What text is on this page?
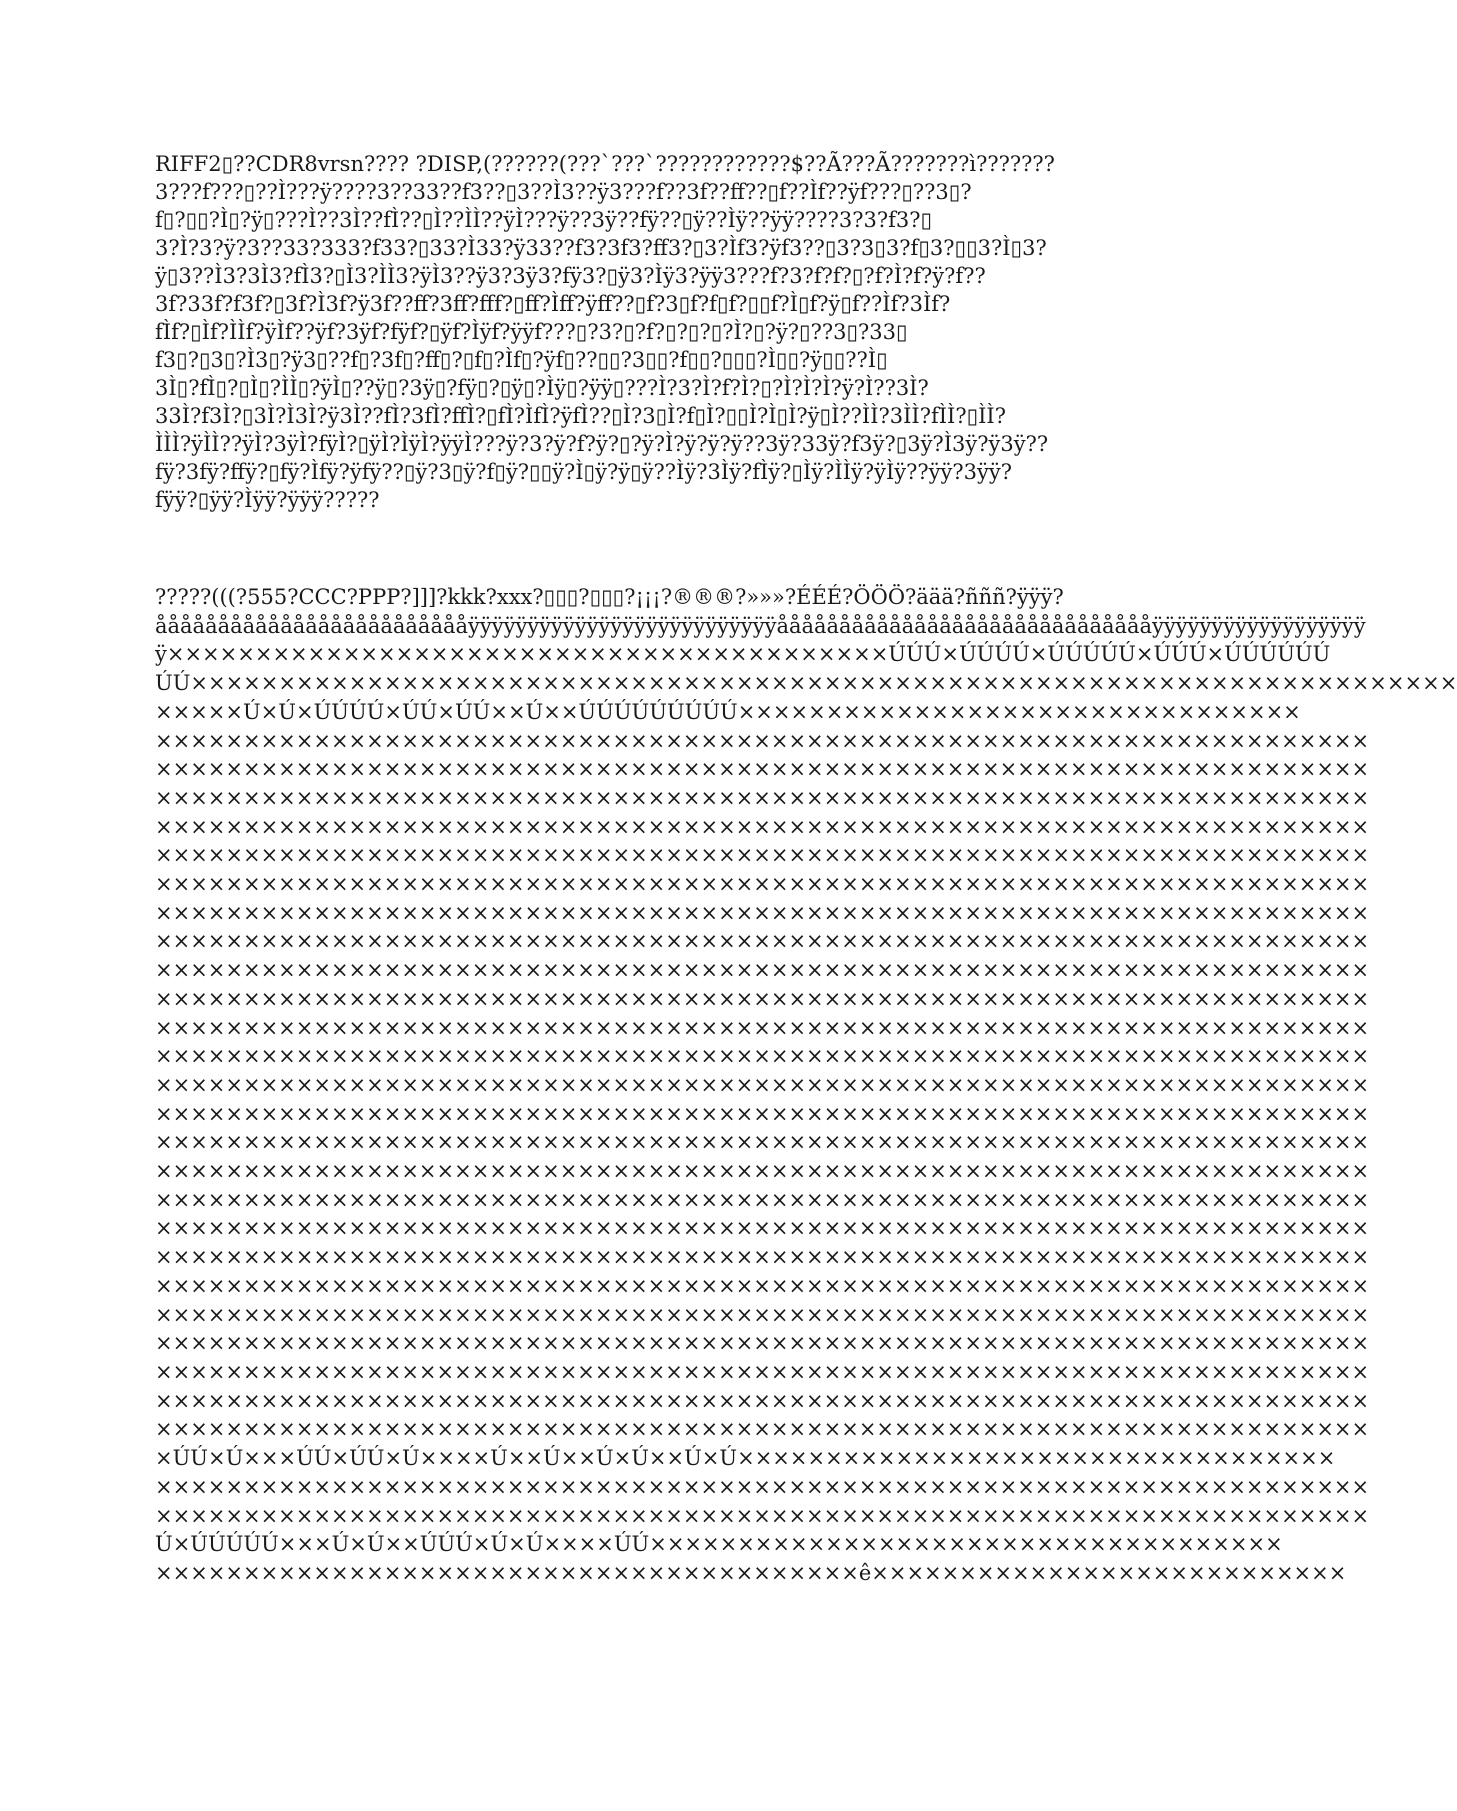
RIFF2▯??CDR8vrsn???? ?DISP,(??????(???`???`????????????$??Ã???Ã???????ì???????
3???f???▯??Ì???ÿ????3??33??f3??▯3??Ì3??ÿ3???f??3f??ff??▯f??Ìf??ÿf???▯??3▯?
f▯?▯▯?Ì▯?ÿ▯???Ì??3Ì??fÌ??▯Ì??ÌÌ??ÿÌ???ÿ??3ÿ??fÿ??▯ÿ??Ìÿ??ÿÿ????3?3?f3?▯
3?Ì?3?ÿ?3??33?333?f33?▯33?Ì33?ÿ33??f3?3f3?ff3?▯3?Ìf3?ÿf3??▯3?3▯3?f▯3?▯▯3?Ì▯3?
ÿ▯3??Ì3?3Ì3?fÌ3?▯Ì3?ÌÌ3?ÿÌ3??ÿ3?3ÿ3?fÿ3?▯ÿ3?Ìÿ3?ÿÿ3???f?3?f?f?▯?f?Ì?f?ÿ?f??
3f?33f?f3f?▯3f?Ì3f?ÿ3f??ff?3ff?fff?▯ff?Ìff?ÿff??▯f?3▯f?f▯f?▯▯f?Ì▯f?ÿ▯f??Ìf?3Ìf?
fÌf?▯Ìf?ÌÌf?ÿÌf??ÿf?3ÿf?fÿf?▯ÿf?Ìÿf?ÿÿf???▯?3?▯?f?▯?▯?▯?Ì?▯?ÿ?▯??3▯?33▯
f3▯?▯3▯?Ì3▯?ÿ3▯??f▯?3f▯?ff▯?▯f▯?Ìf▯?ÿf▯??▯▯?3▯▯?f▯▯?▯▯▯?Ì▯▯?ÿ▯▯??Ì▯
3Ì▯?fÌ▯?▯Ì▯?ÌÌ▯?ÿÌ▯??ÿ▯?3ÿ▯?fÿ▯?▯ÿ▯?Ìÿ▯?ÿÿ▯???Ì?3?Ì?f?Ì?▯?Ì?Ì?Ì?ÿ?Ì??3Ì?
33Ì?f3Ì?▯3Ì?Ì3Ì?ÿ3Ì??fÌ?3fÌ?ffÌ?▯fÌ?ÌfÌ?ÿfÌ??▯Ì?3▯Ì?f▯Ì?▯▯Ì?Ì▯Ì?ÿ▯Ì??ÌÌ?3ÌÌ?fÌÌ?▯ÌÌ?
ÌÌÌ?ÿÌÌ??ÿÌ?3ÿÌ?fÿÌ?▯ÿÌ?ÌÿÌ?ÿÿÌ???ÿ?3?ÿ?f?ÿ?▯?ÿ?Ì?ÿ?ÿ?ÿ??3ÿ?33ÿ?f3ÿ?▯3ÿ?Ì3ÿ?ÿ3ÿ??
fÿ?3fÿ?ffÿ?▯fÿ?Ìfÿ?ÿfÿ??▯ÿ?3▯ÿ?f▯ÿ?▯▯ÿ?Ì▯ÿ?ÿ▯ÿ??Ìÿ?3Ìÿ?fÌÿ?▯Ìÿ?ÌÌÿ?ÿÌÿ??ÿÿ?3ÿÿ?
fÿÿ?▯ÿÿ?Ìÿÿ?ÿÿÿ?????
?????(((?555?CCC?PPP?]]]?kkk?xxx?▯▯▯?▯▯▯?¡¡¡?®®®?»»»?ÉÉÉ?ÖÖÖ?äää?ñññ?ÿÿÿ?
åååååååååååååååååååååååååÿÿÿÿÿÿÿÿÿÿÿÿÿÿÿÿÿÿÿÿÿÿÿÿÿÿååååååååååååååååååååååååååååååÿÿÿÿÿÿÿÿÿÿÿÿÿÿÿÿÿÿ
ÿ×××××××××××××××××××××××××××××××××××××××××ÚÚÚ×ÚÚÚÚ×ÚÚÚÚÚ×ÚÚÚ×ÚÚÚÚÚÚ
ÚÚ××××××××××××××××××××××××××××××××××××××××××××××××××××××××××××××××××××××××
×××××Ú×Ú×ÚÚÚÚ×ÚÚ×ÚÚ××Ú××ÚÚÚÚÚÚÚÚÚ××××××××××××××××××××××××××××××××
×××××××××××××××××××××××××××××××××××××××××××××××××××××××××××××××××××××
×××××××××××××××××××××××××××××××××××××××××××××××××××××××××××××××××××××
×××××××××××××××××××××××××××××××××××××××××××××××××××××××××××××××××××××
×××××××××××××××××××××××××××××××××××××××××××××××××××××××××××××××××××××
×××××××××××××××××××××××××××××××××××××××××××××××××××××××××××××××××××××
×××××××××××××××××××××××××××××××××××××××××××××××××××××××××××××××××××××
×××××××××××××××××××××××××××××××××××××××××××××××××××××××××××××××××××××
×××××××××××××××××××××××××××××××××××××××××××××××××××××××××××××××××××××
×××××××××××××××××××××××××××××××××××××××××××××××××××××××××××××××××××××
×××××××××××××××××××××××××××××××××××××××××××××××××××××××××××××××××××××
×××××××××××××××××××××××××××××××××××××××××××××××××××××××××××××××××××××
×××××××××××××××××××××××××××××××××××××××××××××××××××××××××××××××××××××
×××××××××××××××××××××××××××××××××××××××××××××××××××××××××××××××××××××
×××××××××××××××××××××××××××××××××××××××××××××××××××××××××××××××××××××
×××××××××××××××××××××××××××××××××××××××××××××××××××××××××××××××××××××
×××××××××××××××××××××××××××××××××××××××××××××××××××××××××××××××××××××
×××××××××××××××××××××××××××××××××××××××××××××××××××××××××××××××××××××
×××××××××××××××××××××××××××××××××××××××××××××××××××××××××××××××××××××
×××××××××××××××××××××××××××××××××××××××××××××××××××××××××××××××××××××
×××××××××××××××××××××××××××××××××××××××××××××××××××××××××××××××××××××
×××××××××××××××××××××××××××××××××××××××××××××××××××××××××××××××××××××
×××××××××××××××××××××××××××××××××××××××××××××××××××××××××××××××××××××
×××××××××××××××××××××××××××××××××××××××××××××××××××××××××××××××××××××
×××××××××××××××××××××××××××××××××××××××××××××××××××××××××××××××××××××
×××××××××××××××××××××××××××××××××××××××××××××××××××××××××××××××××××××
×ÚÚ×Ú×××ÚÚ×ÚÚ×Ú××××Ú××Ú××Ú×Ú××Ú×Ú××××××××××××××××××××××××××××××××××
×××××××××××××××××××××××××××××××××××××××××××××××××××××××××××××××××××××
×××××××××××××××××××××××××××××××××××××××××××××××××××××××××××××××××××××
Ú×ÚÚÚÚÚ×××Ú×Ú××ÚÚÚ×Ú×Ú××××ÚÚ××××××××××××××××××××××××××××××××××××
××××××××××××××××××××××××××××××××××××××××ê×××××××××××××××××××××××××××
